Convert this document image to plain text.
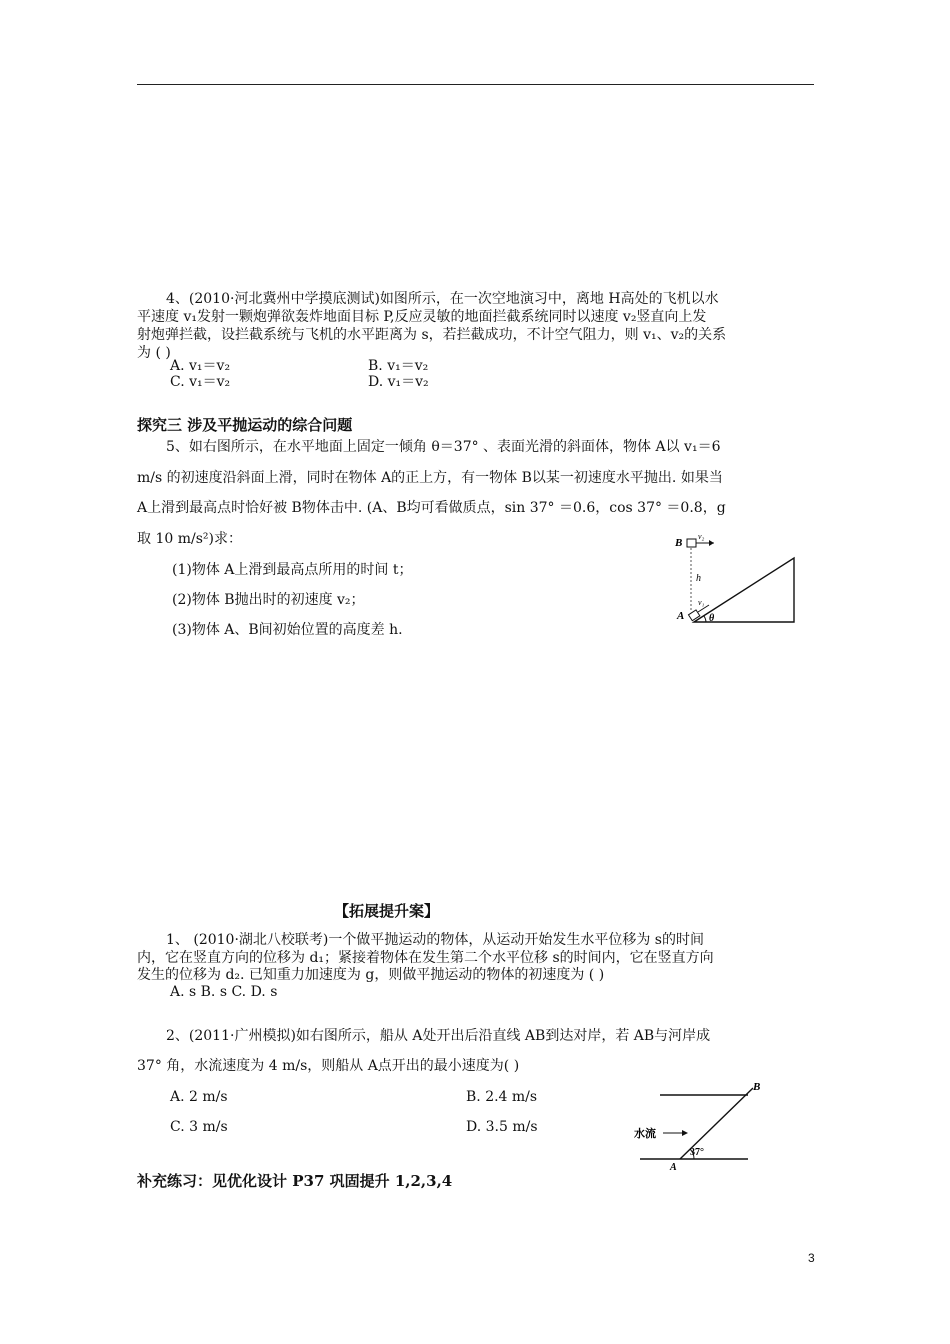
4、(2010·河北冀州中学摸底测试)如图所示，在一次空地演习中，离地 H高处的飞机以水
平速度 v₁发射一颗炮弹欲轰炸地面目标 P,反应灵敏的地面拦截系统同时以速度 v₂竖直向上发
射炮弹拦截，设拦截系统与飞机的水平距离为 s，若拦截成功，不计空气阻力，则 v₁、v₂的关系
为 ( )
A. v₁＝v₂	B. v₁＝v₂
C. v₁＝v₂	D. v₁＝v₂
探究三 涉及平抛运动的综合问题
5、如右图所示，在水平地面上固定一倾角 θ＝37° 、表面光滑的斜面体，物体 A以 v₁＝6
m/s 的初速度沿斜面上滑，同时在物体 A的正上方，有一物体 B以某一初速度水平抛出. 如果当
A上滑到最高点时恰好被 B物体击中. (A、B均可看做质点，sin 37° ＝0.6，cos 37° ＝0.8，g
取 10 m/s²)求：
(1)物体 A上滑到最高点所用的时间 t；
(2)物体 B抛出时的初速度 v₂；
(3)物体 A、B间初始位置的高度差 h.
B
v₂
h
v₁
A θ
【拓展提升案】
1、 (2010·湖北八校联考)一个做平抛运动的物体，从运动开始发生水平位移为 s的时间
内，它在竖直方向的位移为 d₁；紧接着物体在发生第二个水平位移 s的时间内，它在竖直方向
发生的位移为 d₂. 已知重力加速度为 g，则做平抛运动的物体的初速度为 ( )
A. s B. s C. D. s
2、(2011·广州模拟)如右图所示，船从 A处开出后沿直线 AB到达对岸，若 AB与河岸成
37° 角，水流速度为 4 m/s，则船从 A点开出的最小速度为( )
A. 2 m/s	B. 2.4 m/s
C. 3 m/s	D. 3.5 m/s
B
水流
37°
A
补充练习：见优化设计 P37 巩固提升 1,2,3,4
3
